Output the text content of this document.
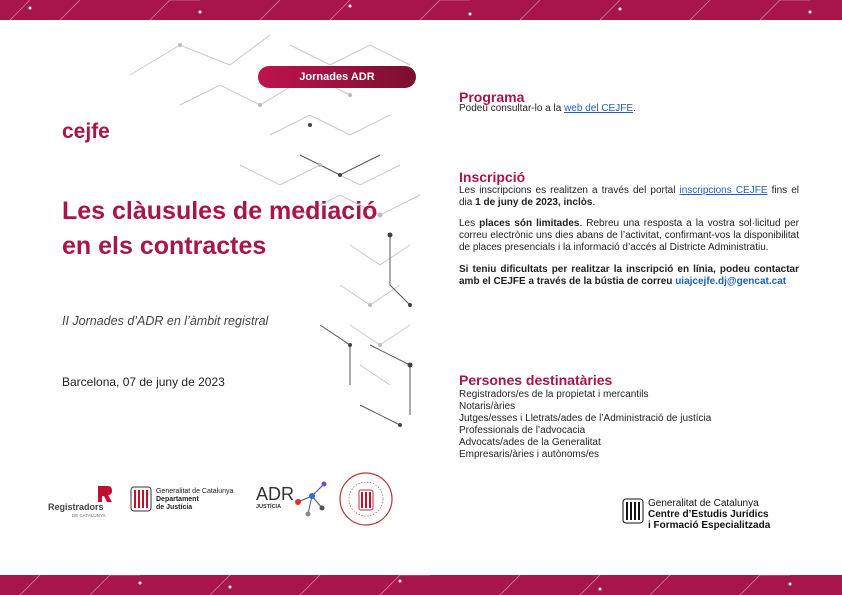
Jornades ADR
cejfe
Les clàusules de mediació
en els contractes
II Jornades d’ADR en l’àmbit registral
Barcelona, 07 de juny de 2023
Registradors
DE CATALUNYA
Generalitat de Catalunya
Departament
de Justícia
ADR
JUSTÍCIA
Programa

Podeu consultar-lo a la web del CEJFE.

Inscripció

Les inscripcions es realitzen a través del portal inscripcions CEJFE fins el dia 1 de juny de 2023, inclòs.

Les places són limitades. Rebreu una resposta a la vostra sol·licitud per correu electrònic uns dies abans de l’activitat, confirmant-vos la disponibilitat de places presencials i la informació d’accés al Districte Administratiu.

Si teniu dificultats per realitzar la inscripció en línia, podeu contactar amb el CEJFE a través de la bústia de correu uiajcejfe.dj@gencat.cat

Persones destinatàries
Registradors/es de la propietat i mercantils
Notaris/àries
Jutges/esses i Lletrats/ades de l’Administració de justícia
Professionals de l’advocacia
Advocats/ades de la Generalitat
Empresaris/àries i autònoms/es
Generalitat de Catalunya
Centre d’Estudis Jurídics
i Formació Especialitzada
